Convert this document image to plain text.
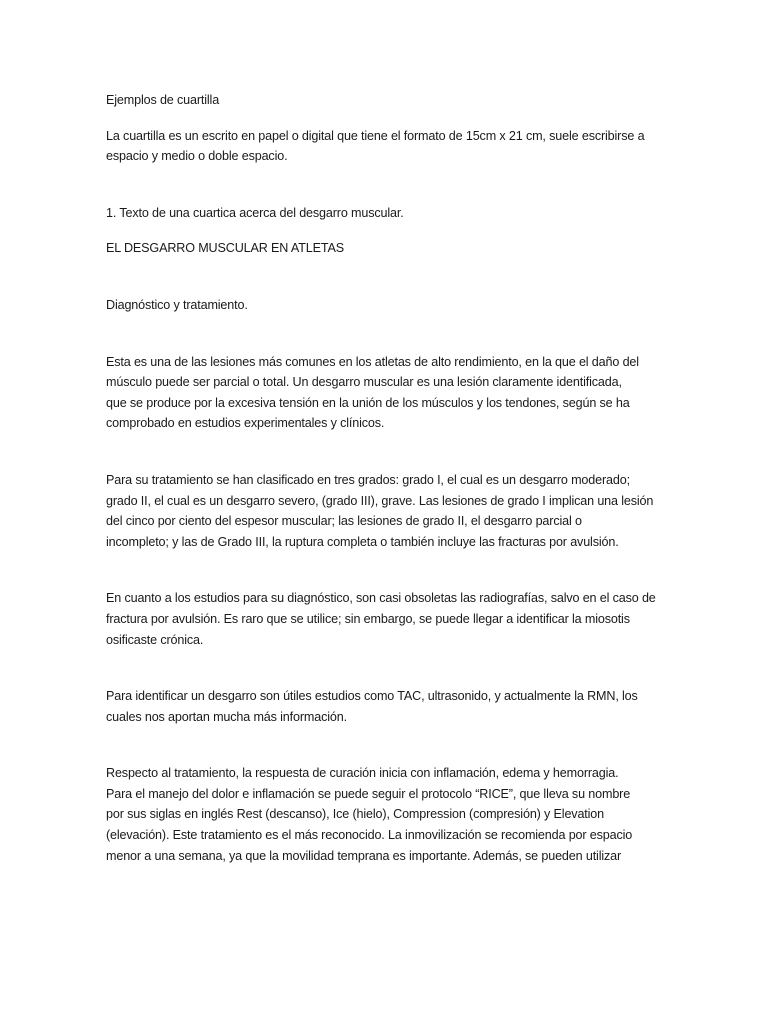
Ejemplos de cuartilla

La cuartilla es un escrito en papel o digital que tiene el formato de 15cm x 21 cm, suele escribirse a

espacio y medio o doble espacio.

1. Texto de una cuartica acerca del desgarro muscular.

EL DESGARRO MUSCULAR EN ATLETAS

Diagnóstico y tratamiento.

Esta es una de las lesiones más comunes en los atletas de alto rendimiento, en la que el daño del

músculo puede ser parcial o total. Un desgarro muscular es una lesión claramente identificada,

que se produce por la excesiva tensión en la unión de los músculos y los tendones, según se ha

comprobado en estudios experimentales y clínicos.

Para su tratamiento se han clasificado en tres grados: grado I, el cual es un desgarro moderado;

grado II, el cual es un desgarro severo, (grado III), grave. Las lesiones de grado I implican una lesión

del cinco por ciento del espesor muscular; las lesiones de grado II, el desgarro parcial o

incompleto; y las de Grado III, la ruptura completa o también incluye las fracturas por avulsión.

En cuanto a los estudios para su diagnóstico, son casi obsoletas las radiografías, salvo en el caso de

fractura por avulsión. Es raro que se utilice; sin embargo, se puede llegar a identificar la miosotis

osificaste crónica.

Para identificar un desgarro son útiles estudios como TAC, ultrasonido, y actualmente la RMN, los

cuales nos aportan mucha más información.

Respecto al tratamiento, la respuesta de curación inicia con inflamación, edema y hemorragia.

Para el manejo del dolor e inflamación se puede seguir el protocolo “RICE”, que lleva su nombre

por sus siglas en inglés Rest (descanso), Ice (hielo), Compression (compresión) y Elevation

(elevación). Este tratamiento es el más reconocido. La inmovilización se recomienda por espacio

menor a una semana, ya que la movilidad temprana es importante. Además, se pueden utilizar
